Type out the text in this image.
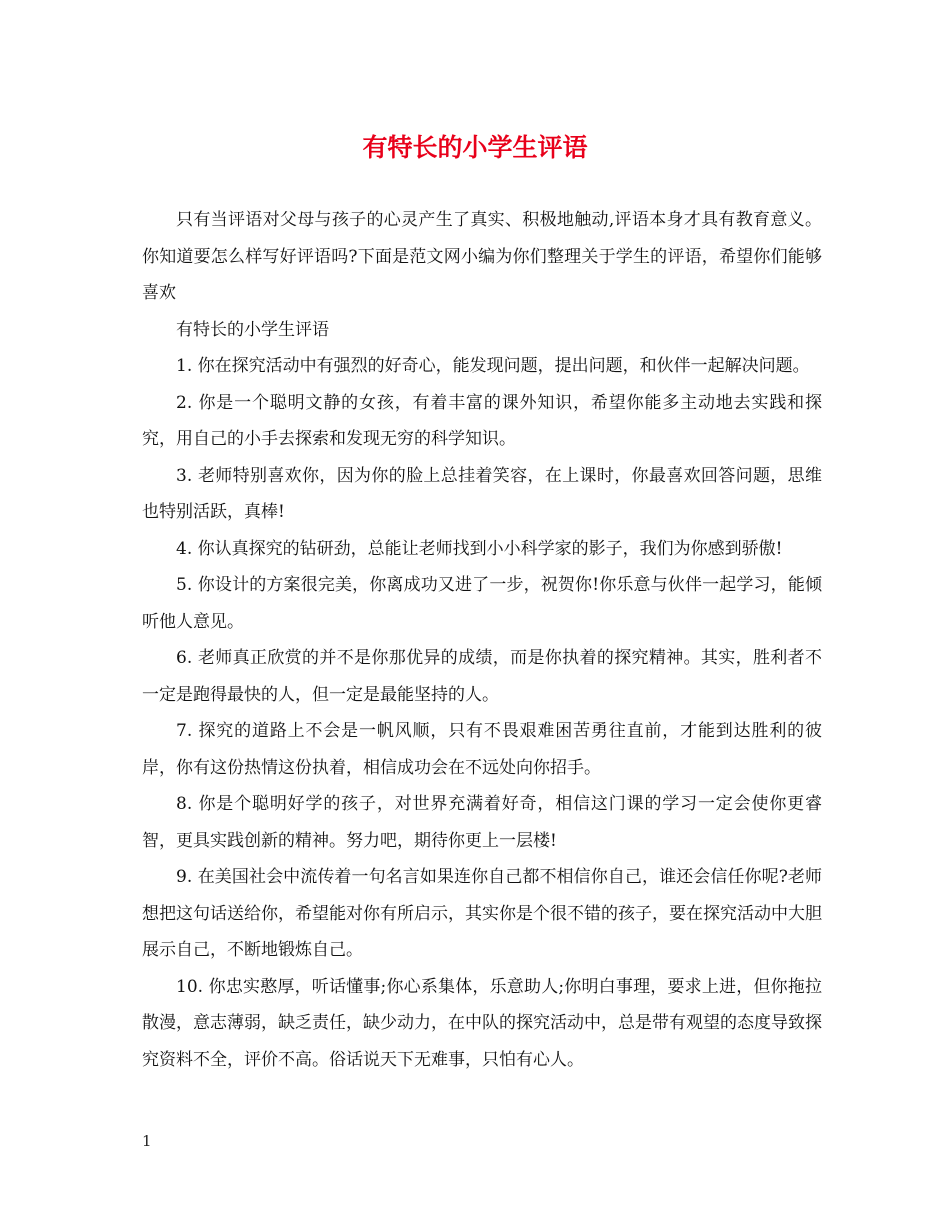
有特长的小学生评语

只有当评语对父母与孩子的心灵产生了真实、积极地触动,评语本身才具有教育意义。你知道要怎么样写好评语吗?下面是范文网小编为你们整理关于学生的评语，希望你们能够喜欢

有特长的小学生评语

1. 你在探究活动中有强烈的好奇心，能发现问题，提出问题，和伙伴一起解决问题。

2. 你是一个聪明文静的女孩，有着丰富的课外知识，希望你能多主动地去实践和探究，用自己的小手去探索和发现无穷的科学知识。

3. 老师特别喜欢你，因为你的脸上总挂着笑容，在上课时，你最喜欢回答问题，思维也特别活跃，真棒!

4. 你认真探究的钻研劲，总能让老师找到小小科学家的影子，我们为你感到骄傲!

5. 你设计的方案很完美，你离成功又进了一步，祝贺你!你乐意与伙伴一起学习，能倾听他人意见。

6. 老师真正欣赏的并不是你那优异的成绩，而是你执着的探究精神。其实，胜利者不一定是跑得最快的人，但一定是最能坚持的人。

7. 探究的道路上不会是一帆风顺，只有不畏艰难困苦勇往直前，才能到达胜利的彼岸，你有这份热情这份执着，相信成功会在不远处向你招手。

8. 你是个聪明好学的孩子，对世界充满着好奇，相信这门课的学习一定会使你更睿智，更具实践创新的精神。努力吧，期待你更上一层楼!

9. 在美国社会中流传着一句名言如果连你自己都不相信你自己，谁还会信任你呢?老师想把这句话送给你，希望能对你有所启示，其实你是个很不错的孩子，要在探究活动中大胆展示自己，不断地锻炼自己。

10. 你忠实憨厚，听话懂事;你心系集体，乐意助人;你明白事理，要求上进，但你拖拉散漫，意志薄弱，缺乏责任，缺少动力，在中队的探究活动中，总是带有观望的态度导致探究资料不全，评价不高。俗话说天下无难事，只怕有心人。

1
